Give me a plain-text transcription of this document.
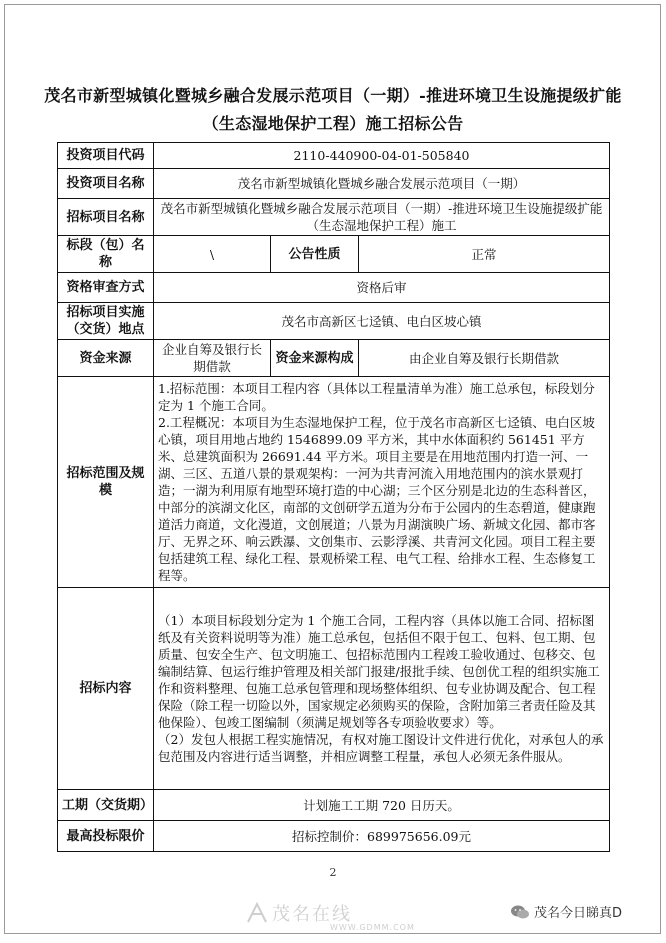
茂名市新型城镇化暨城乡融合发展示范项目（一期）-推进环境卫生设施提级扩能（生态湿地保护工程）施工招标公告
投资项目代码	2110-440900-04-01-505840		
投资项目名称	茂名市新型城镇化暨城乡融合发展示范项目（一期）		
招标项目名称	茂名市新型城镇化暨城乡融合发展示范项目（一期）-推进环境卫生设施提级扩能（生态湿地保护工程）施工		
标段（包）名称	\	公告性质	正常
资格审查方式	资格后审		
招标项目实施（交货）地点	茂名市高新区七迳镇、电白区坡心镇		
资金来源	企业自筹及银行长期借款	资金来源构成	由企业自筹及银行长期借款
招标范围及规模	1.招标范围：本项目工程内容（具体以工程量清单为准）施工总承包，标段划分定为 1 个施工合同。

2.工程概况：本项目为生态湿地保护工程，位于茂名市高新区七迳镇、电白区坡心镇，项目用地占地约 1546899.09 平方米，其中水体面积约 561451 平方米、总建筑面积为 26691.44 平方米。项目主要是在用地范围内打造一河、一湖、三区、五道八景的景观架构：一河为共青河流入用地范围内的滨水景观打造；一湖为利用原有地型环境打造的中心湖；三个区分别是北边的生态科普区，中部分的滨湖文化区，南部的文创研学五道为分布于公园内的生态碧道，健康跑道活力商道，文化漫道，文创展道；八景为月湖演映广场、新城文化园、都市客厅、无界之环、响云跌瀑、文创集市、云影浮溪、共青河文化园。项目工程主要包括建筑工程、绿化工程、景观桥梁工程、电气工程、给排水工程、生态修复工程等。		

招标内容	（1）本项目标段划分定为 1 个施工合同，工程内容（具体以施工合同、招标图纸及有关资料说明等为准）施工总承包，包括但不限于包工、包料、包工期、包质量、包安全生产、包文明施工、包招标范围内工程竣工验收通过、包移交、包编制结算、包运行维护管理及相关部门报建/报批手续、包创优工程的组织实施工作和资料整理、包施工总承包管理和现场整体组织、包专业协调及配合、包工程保险（除工程一切险以外，国家规定必须购买的保险，含附加第三者责任险及其他保险）、包竣工图编制（须满足规划等各专项验收要求）等。

（2）发包人根据工程实施情况，有权对施工图设计文件进行优化，对承包人的承包范围及内容进行适当调整，并相应调整工程量，承包人必须无条件服从。		

工期（交货期）	计划施工工期 720 日历天。		
最高投标限价	招标控制价：689975656.09元		
2
茂名在线
WWW.GDMM.COM
茂名今日睇真D
